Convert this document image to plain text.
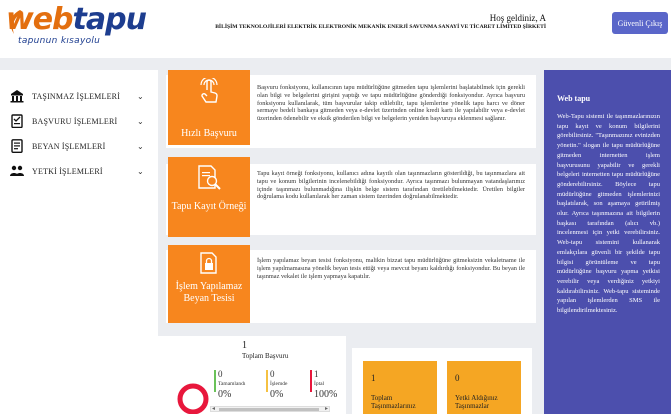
webtapu
tapunun kısayolu
Hoş geldiniz, A
BİLİŞİM TEKNOLOJİLERİ ELEKTRİK ELEKTRONİK MEKANİK ENERJİ SAVUNMA SANAYİ VE TİCARET LİMİTED ŞİRKETİ	Güvenli Çıkış
TAŞINMAZ İŞLEMLERİ ⌄
BAŞVURU İŞLEMLERİ ⌄
BEYAN İŞLEMLERİ	⌄
YETKİ İŞLEMLERİ	⌄
Başvuru fonksiyonu, kullanıcının tapu müdürlüğüne gitmeden tapu işlemlerini başlatabilmek için gerekli olan bilgi ve belgelerini girişini yaptığı ve tapu müdürlüğüne gönderdiği fonksiyondur. Ayrıca başvuru fonksiyonu kullanılarak, tüm başvurular takip edilebilir, tapu işlemlerine yönelik tapu harcı ve döner sermaye bedeli bankaya gitmeden veya e-devlet üzerinden online kredi kartı ile yapılabilir veya e-devlet üzerinden ödenebilir ve eksik gönderilen bilgi ve belgelerin yeniden başvuruya eklenmesi sağlanır.
Hızlı Başvuru
Tapu kayıt örneği fonksiyonu, kullanıcı adına kayıtlı olan taşınmazların gösterildiği, bu taşınmazlara ait tapu ve konum bilgilerinin incelenebildiği fonksiyondur. Ayrıca taşınmazı bulunmayan vatandaşlarımız içinde taşınmazı bulunmadığına ilişkin belge sistem tarafından üretilebilmektedir. Üretilen bilgiler doğrulama kodu kullanılarak her zaman sistem üzerinden doğrulanabilmektedir.
Tapu Kayıt Örneği
İşlem yapılamaz beyan tesisi fonksiyonu, malikin bizzat tapu müdürlüğüne gitmeksizin vekaletname ile işlem yapılmamasına yönelik beyan tesis ettiği veya mevcut beyanı kaldırdığı fonksiyondur. Bu beyan ile taşınmaz vekalet ile işlem yapmaya kapatılır.
İşlem Yapılamaz Beyan Tesisi
Web tapu
Web-Tapu sistemi ile taşınmazlarınızın tapu kayıt ve konum bilgilerini görebilirsiniz. "Taşınmazınız evinizden yönetin." slogan ile tapu müdürlüğüne gitmeden internetten işlem başvurusunu yapabilir ve gerekli belgeleri internetten tapu müdürlüğüne gönderebilirsiniz. Böylece tapu müdürlüğüne gitmeden işlemlerinizi başlatılarak, son aşamaya getirilmiş olur. Ayrıca taşınmazına ait bilgilerin başkası tarafından (alıcı vb.) incelenmesi için yetki verebilirsiniz. Web-tapu sistemini kullanarak emlakçılara güvenli bir şekilde tapu bilgisi görüntüleme ve tapu müdürlüğüne başvuru yapma yetkisi verebilir veya verdiğiniz yetkiyi kaldırabilirsiniz. Web-tapu sisteminde yapılan işlemlerden SMS ile bilgilendirilmektesiniz.
1
Toplam Başvuru
0
Tamamlandı
0%
0
İşlemde
0%
1
İptal
100%
◂	▸
1
Toplam Taşınmazlarınız
0
Yetki Aldığınız Taşınmazlar
